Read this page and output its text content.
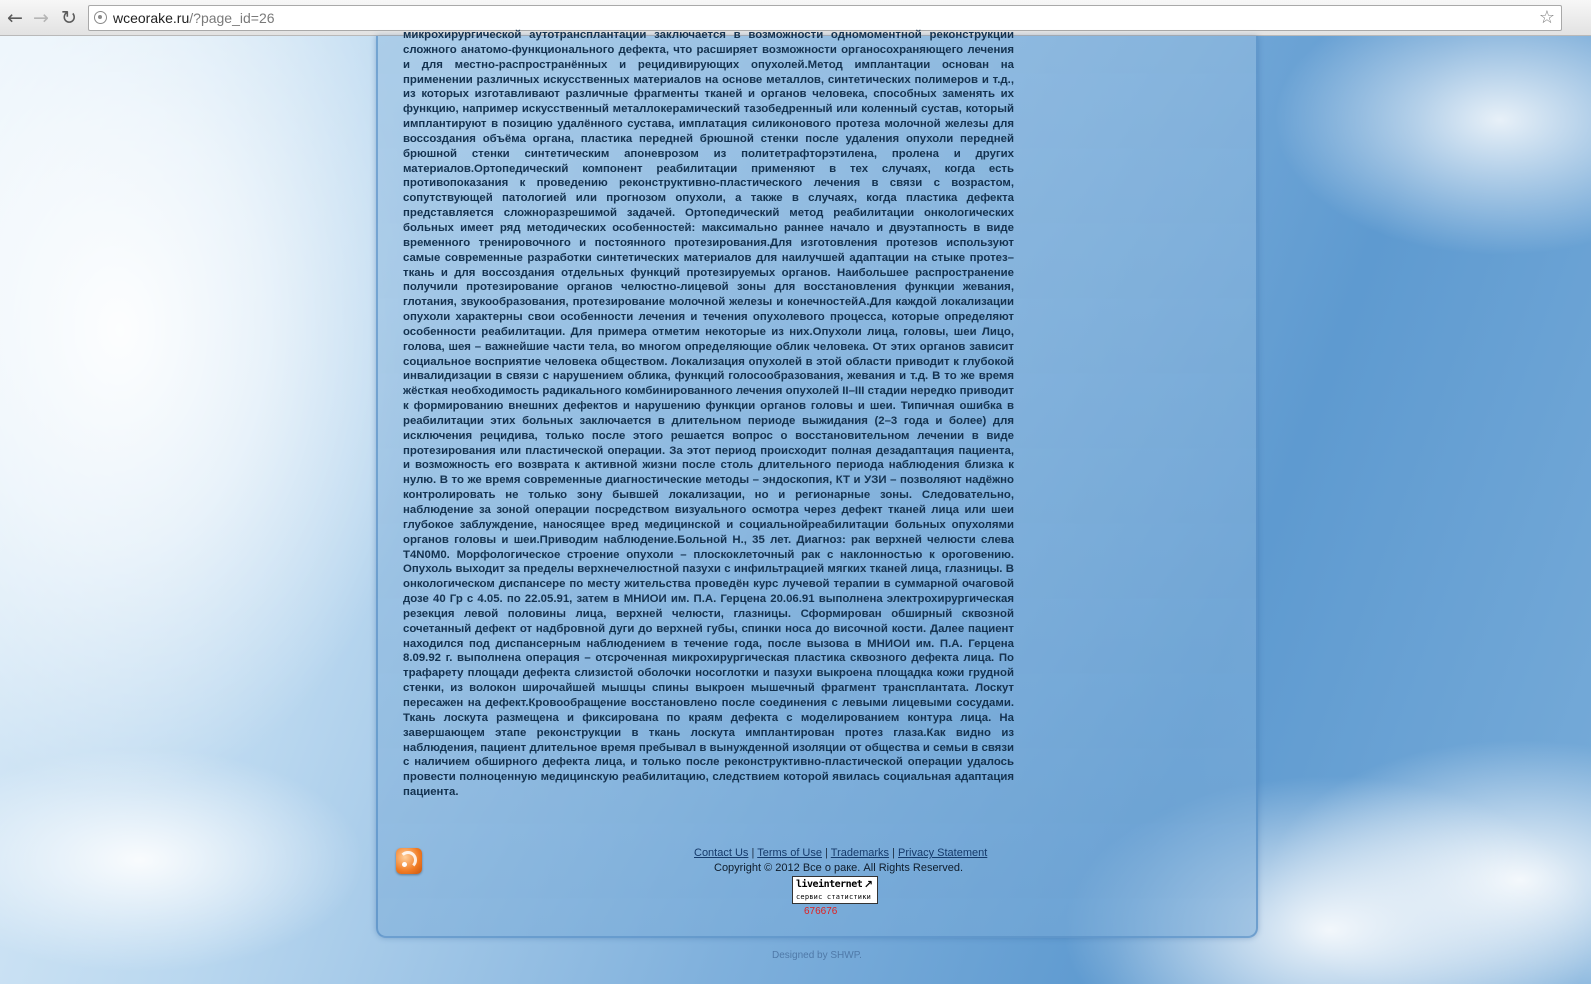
← → ↻	wceorake.ru/?page_id=26	☆

микрохирургической аутотрансплантации заключается в возможности одномоментной реконструкции сложного анатомо-функционального дефекта, что расширяет возможности органосохраняющего лечения и для местно-распространённых и рецидивирующих опухолей.Метод имплантации основан на применении различных искусственных материалов на основе металлов, синтетических полимеров и т.д., из которых изготавливают различные фрагменты тканей и органов человека, способных заменять их функцию, например искусственный металлокерамический тазобедренный или коленный сустав, который имплантируют в позицию удалённого сустава, имплатация силиконового протеза молочной железы для воссоздания объёма органа, пластика передней брюшной стенки после удаления опухоли передней брюшной стенки синтетическим апоневрозом из политетрафторэтилена, пролена и других материалов.Ортопедический компонент реабилитации применяют в тех случаях, когда есть противопоказания к проведению реконструктивно-пластического лечения в связи с возрастом, сопутствующей патологией или прогнозом опухоли, а также в случаях, когда пластика дефекта представляется сложноразрешимой задачей. Ортопедический метод реабилитации онкологических больных имеет ряд методических особенностей: максимально раннее начало и двуэтапность в виде временного тренировочного и постоянного протезирования.Для изготовления протезов используют самые современные разработки синтетических материалов для наилучшей адаптации на стыке протез–ткань и для воссоздания отдельных функций протезируемых органов. Наибольшее распространение получили протезирование органов челюстно-лицевой зоны для восстановления функции жевания, глотания, звукообразования, протезирование молочной железы и конечностейA.Для каждой локализации опухоли характерны свои особенности лечения и течения опухолевого процесса, которые определяют особенности реабилитации. Для примера отметим некоторые из них.Опухоли лица, головы, шеи Лицо, голова, шея – важнейшие части тела, во многом определяющие облик человека. От этих органов зависит социальное восприятие человека обществом. Локализация опухолей в этой области приводит к глубокой инвалидизации в связи с нарушением облика, функций голосообразования, жевания и т.д. В то же время жёсткая необходимость радикального комбинированного лечения опухолей II–III стадии нередко приводит к формированию внешних дефектов и нарушению функции органов головы и шеи. Типичная ошибка в реабилитации этих больных заключается в длительном периоде выжидания (2–3 года и более) для исключения рецидива, только после этого решается вопрос о восстановительном лечении в виде протезирования или пластической операции. За этот период происходит полная дезадаптация пациента, и возможность его возврата к активной жизни после столь длительного периода наблюдения близка к нулю. В то же время современные диагностические методы – эндоскопия, КТ и УЗИ – позволяют надёжно контролировать не только зону бывшей локализации, но и регионарные зоны. Следовательно, наблюдение за зоной операции посредством визуального осмотра через дефект тканей лица или шеи глубокое заблуждение, наносящее вред медицинской и социальнойреабилитации больных опухолями органов головы и шеи.Приводим наблюдение.Больной Н., 35 лет. Диагноз: рак верхней челюсти слева T4N0M0. Морфологическое строение опухоли – плоскоклеточный рак с наклонностью к ороговению. Опухоль выходит за пределы верхнечелюстной пазухи с инфильтрацией мягких тканей лица, глазницы. В онкологическом диспансере по месту жительства проведён курс лучевой терапии в суммарной очаговой дозе 40 Гр с 4.05. по 22.05.91, затем в МНИОИ им. П.А. Герцена 20.06.91 выполнена электрохирургическая резекция левой половины лица, верхней челюсти, глазницы. Сформирован обширный сквозной сочетанный дефект от надбровной дуги до верхней губы, спинки носа до височной кости. Далее пациент находился под диспансерным наблюдением в течение года, после вызова в МНИОИ им. П.А. Герцена 8.09.92 г. выполнена операция – отсроченная микрохирургическая пластика сквозного дефекта лица. По трафарету площади дефекта слизистой оболочки носоглотки и пазухи выкроена площадка кожи грудной стенки, из волокон широчайшей мышцы спины выкроен мышечный фрагмент трансплантата. Лоскут пересажен на дефект.Кровообращение восстановлено после соединения с левыми лицевыми сосудами. Ткань лоскута размещена и фиксирована по краям дефекта с моделированием контура лица. На завершающем этапе реконструкции в ткань лоскута имплантирован протез глаза.Как видно из наблюдения, пациент длительное время пребывал в вынужденной изоляции от общества и семьи в связи с наличием обширного дефекта лица, и только после реконструктивно-пластической операции удалось провести полноценную медицинскую реабилитацию, следствием которой явилась социальная адаптация пациента.

Contact Us | Terms of Use | Trademarks | Privacy Statement
Copyright © 2012 Все о раке. All Rights Reserved.
liveinternet ↗
сервис статистики
676676
Designed by SHWP.
